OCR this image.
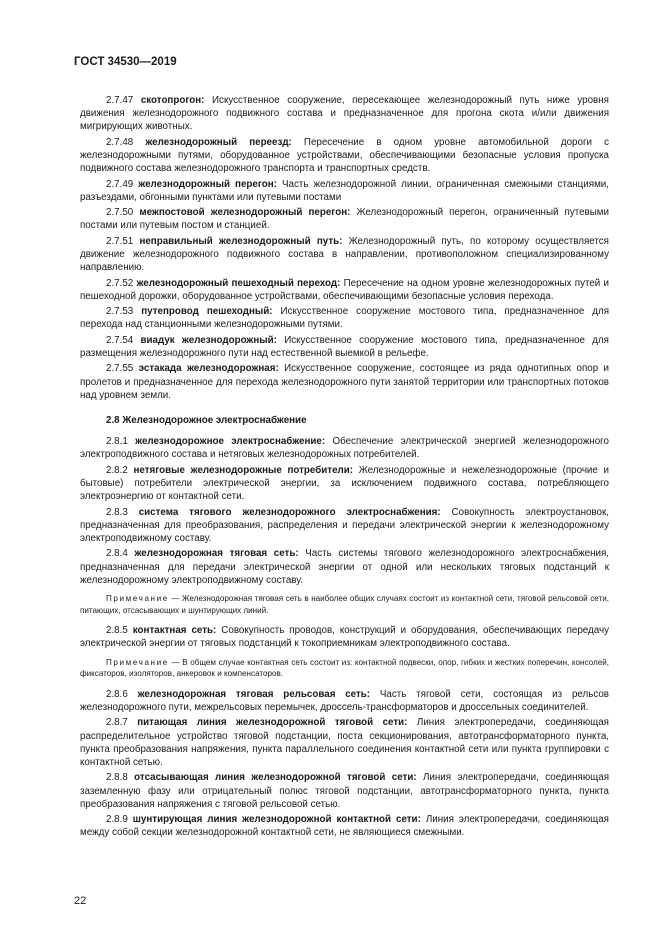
ГОСТ 34530—2019

2.7.47 скотопрогон: Искусственное сооружение, пересекающее железнодорожный путь ниже уровня движения железнодорожного подвижного состава и предназначенное для прогона скота и/или движения мигрирующих животных.

2.7.48 железнодорожный переезд: Пересечение в одном уровне автомобильной дороги с железнодорожными путями, оборудованное устройствами, обеспечивающими безопасные условия пропуска подвижного состава железнодорожного транспорта и транспортных средств.

2.7.49 железнодорожный перегон: Часть железнодорожной линии, ограниченная смежными станциями, разъездами, обгонными пунктами или путевыми постами

2.7.50 межпостовой железнодорожный перегон: Железнодорожный перегон, ограниченный путевыми постами или путевым постом и станцией.

2.7.51 неправильный железнодорожный путь: Железнодорожный путь, по которому осуществляется движение железнодорожного подвижного состава в направлении, противоположном специализированному направлению.

2.7.52 железнодорожный пешеходный переход: Пересечение на одном уровне железнодорожных путей и пешеходной дорожки, оборудованное устройствами, обеспечивающими безопасные условия перехода.

2.7.53 путепровод пешеходный: Искусственное сооружение мостового типа, предназначенное для перехода над станционными железнодорожными путями.

2.7.54 виадук железнодорожный: Искусственное сооружение мостового типа, предназначенное для размещения железнодорожного пути над естественной выемкой в рельефе.

2.7.55 эстакада железнодорожная: Искусственное сооружение, состоящее из ряда однотипных опор и пролетов и предназначенное для перехода железнодорожного пути занятой территории или транспортных потоков над уровнем земли.

2.8 Железнодорожное электроснабжение

2.8.1 железнодорожное электроснабжение: Обеспечение электрической энергией железнодорожного электроподвижного состава и нетяговых железнодорожных потребителей.

2.8.2 нетяговые железнодорожные потребители: Железнодорожные и нежелезнодорожные (прочие и бытовые) потребители электрической энергии, за исключением подвижного состава, потребляющего электроэнергию от контактной сети.

2.8.3 система тягового железнодорожного электроснабжения: Совокупность электроустановок, предназначенная для преобразования, распределения и передачи электрической энергии к железнодорожному электроподвижному составу.

2.8.4 железнодорожная тяговая сеть: Часть системы тягового железнодорожного электроснабжения, предназначенная для передачи электрической энергии от одной или нескольких тяговых подстанций к железнодорожному электроподвижному составу.

Примечание — Железнодорожная тяговая сеть в наиболее общих случаях состоит из контактной сети, тяговой рельсовой сети, питающих, отсасывающих и шунтирующих линий.

2.8.5 контактная сеть: Совокупность проводов, конструкций и оборудования, обеспечивающих передачу электрической энергии от тяговых подстанций к токоприемникам электроподвижного состава.

Примечание — В общем случае контактная сеть состоит из: контактной подвески, опор, гибких и жестких поперечин, консолей, фиксаторов, изоляторов, анкеровок и компенсаторов.

2.8.6 железнодорожная тяговая рельсовая сеть: Часть тяговой сети, состоящая из рельсов железнодорожного пути, межрельсовых перемычек, дроссель-трансформаторов и дроссельных соединителей.

2.8.7 питающая линия железнодорожной тяговой сети: Линия электропередачи, соединяющая распределительное устройство тяговой подстанции, поста секционирования, автотрансформаторного пункта, пункта преобразования напряжения, пункта параллельного соединения контактной сети или пункта группировки с контактной сетью.

2.8.8 отсасывающая линия железнодорожной тяговой сети: Линия электропередачи, соединяющая заземленную фазу или отрицательный полюс тяговой подстанции, автотрансформаторного пункта, пункта преобразования напряжения с тяговой рельсовой сетью.

2.8.9 шунтирующая линия железнодорожной контактной сети: Линия электропередачи, соединяющая между собой секции железнодорожной контактной сети, не являющиеся смежными.

22
